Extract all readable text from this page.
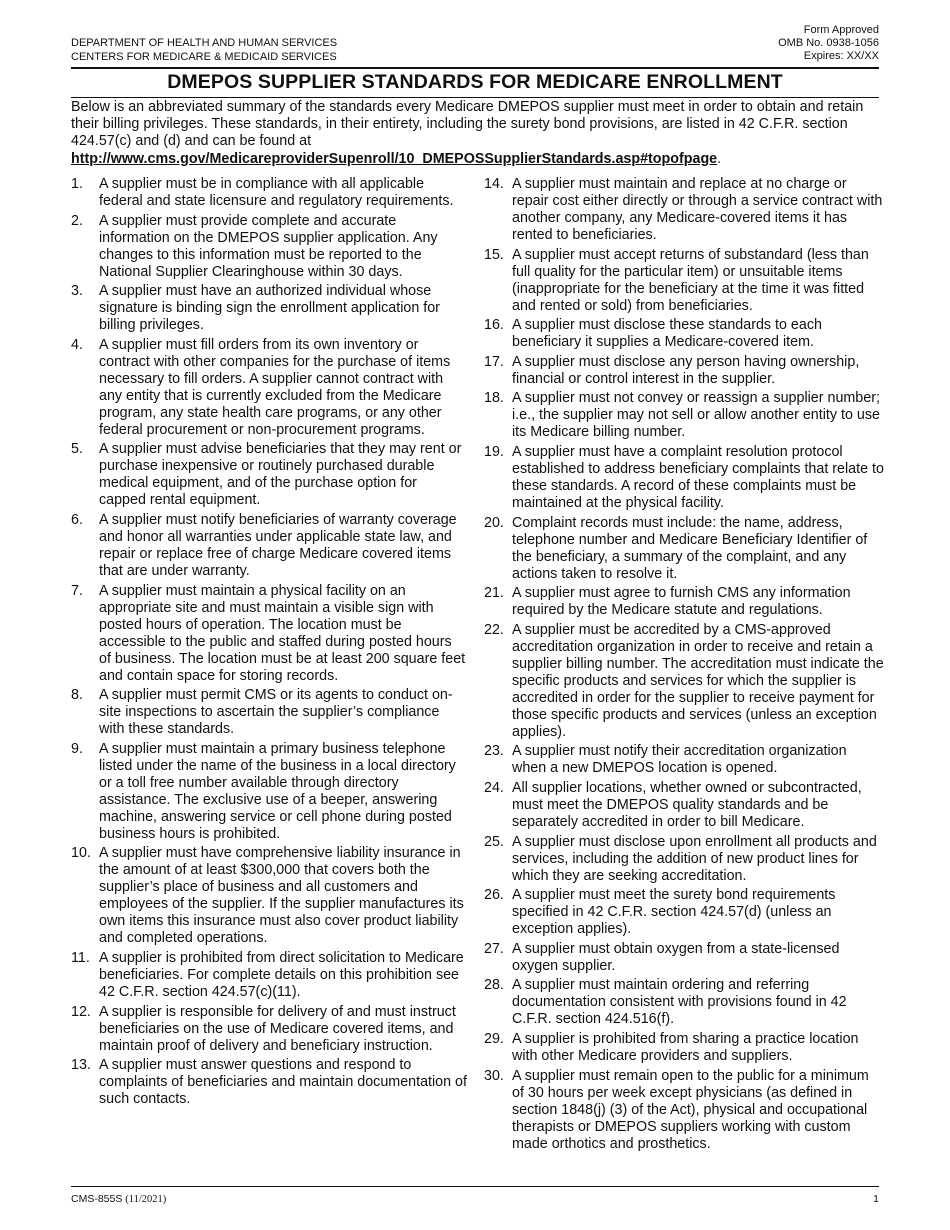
DEPARTMENT OF HEALTH AND HUMAN SERVICES
CENTERS FOR MEDICARE & MEDICAID SERVICES
Form Approved
OMB No. 0938-1056
Expires: XX/XX
DMEPOS SUPPLIER STANDARDS FOR MEDICARE ENROLLMENT
Below is an abbreviated summary of the standards every Medicare DMEPOS supplier must meet in order to obtain and retain their billing privileges. These standards, in their entirety, including the surety bond provisions, are listed in 42 C.F.R. section 424.57(c) and (d) and can be found at http://www.cms.gov/MedicareproviderSupenroll/10_DMEPOSSupplierStandards.asp#topofpage.
1.	A supplier must be in compliance with all applicable federal and state licensure and regulatory requirements.
2.	A supplier must provide complete and accurate information on the DMEPOS supplier application. Any changes to this information must be reported to the National Supplier Clearinghouse within 30 days.
3.	A supplier must have an authorized individual whose signature is binding sign the enrollment application for billing privileges.
4.	A supplier must fill orders from its own inventory or contract with other companies for the purchase of items necessary to fill orders. A supplier cannot contract with any entity that is currently excluded from the Medicare program, any state health care programs, or any other federal procurement or non-procurement programs.
5.	A supplier must advise beneficiaries that they may rent or purchase inexpensive or routinely purchased durable medical equipment, and of the purchase option for capped rental equipment.
6.	A supplier must notify beneficiaries of warranty coverage and honor all warranties under applicable state law, and repair or replace free of charge Medicare covered items that are under warranty.
7.	A supplier must maintain a physical facility on an appropriate site and must maintain a visible sign with posted hours of operation. The location must be accessible to the public and staffed during posted hours of business. The location must be at least 200 square feet and contain space for storing records.
8.	A supplier must permit CMS or its agents to conduct on-site inspections to ascertain the supplier’s compliance with these standards.
9.	A supplier must maintain a primary business telephone listed under the name of the business in a local directory or a toll free number available through directory assistance. The exclusive use of a beeper, answering machine, answering service or cell phone during posted business hours is prohibited.
10. A supplier must have comprehensive liability insurance in the amount of at least $300,000 that covers both the supplier’s place of business and all customers and employees of the supplier. If the supplier manufactures its own items this insurance must also cover product liability and completed operations.
11. A supplier is prohibited from direct solicitation to Medicare beneficiaries. For complete details on this prohibition see 42 C.F.R. section 424.57(c)(11).
12. A supplier is responsible for delivery of and must instruct beneficiaries on the use of Medicare covered items, and maintain proof of delivery and beneficiary instruction.
13. A supplier must answer questions and respond to complaints of beneficiaries and maintain documentation of such contacts.
14. A supplier must maintain and replace at no charge or repair cost either directly or through a service contract with another company, any Medicare-covered items it has rented to beneficiaries.
15. A supplier must accept returns of substandard (less than full quality for the particular item) or unsuitable items (inappropriate for the beneficiary at the time it was fitted and rented or sold) from beneficiaries.
16. A supplier must disclose these standards to each beneficiary it supplies a Medicare-covered item.
17. A supplier must disclose any person having ownership, financial or control interest in the supplier.
18. A supplier must not convey or reassign a supplier number; i.e., the supplier may not sell or allow another entity to use its Medicare billing number.
19. A supplier must have a complaint resolution protocol established to address beneficiary complaints that relate to these standards. A record of these complaints must be maintained at the physical facility.
20. Complaint records must include: the name, address, telephone number and Medicare Beneficiary Identifier of the beneficiary, a summary of the complaint, and any actions taken to resolve it.
21. A supplier must agree to furnish CMS any information required by the Medicare statute and regulations.
22. A supplier must be accredited by a CMS-approved accreditation organization in order to receive and retain a supplier billing number. The accreditation must indicate the specific products and services for which the supplier is accredited in order for the supplier to receive payment for those specific products and services (unless an exception applies).
23. A supplier must notify their accreditation organization when a new DMEPOS location is opened.
24. All supplier locations, whether owned or subcontracted, must meet the DMEPOS quality standards and be separately accredited in order to bill Medicare.
25. A supplier must disclose upon enrollment all products and services, including the addition of new product lines for which they are seeking accreditation.
26. A supplier must meet the surety bond requirements specified in 42 C.F.R. section 424.57(d) (unless an exception applies).
27. A supplier must obtain oxygen from a state-licensed oxygen supplier.
28. A supplier must maintain ordering and referring documentation consistent with provisions found in 42 C.F.R. section 424.516(f).
29. A supplier is prohibited from sharing a practice location with other Medicare providers and suppliers.
30. A supplier must remain open to the public for a minimum of 30 hours per week except physicians (as defined in section 1848(j) (3) of the Act), physical and occupational therapists or DMEPOS suppliers working with custom made orthotics and prosthetics.
CMS-855S (11/2021)	1
